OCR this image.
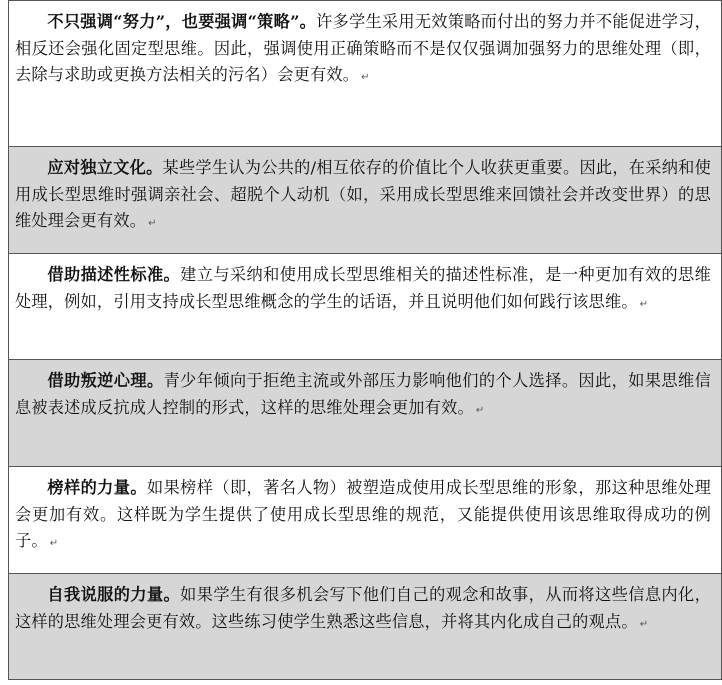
不只强调“努力”，也要强调“策略”。许多学生采用无效策略而付出的努力并不能促进学习，相反还会强化固定型思维。因此，强调使用正确策略而不是仅仅强调加强努力的思维处理（即，去除与求助或更换方法相关的污名）会更有效。 ↵

应对独立文化。某些学生认为公共的/相互依存的价值比个人收获更重要。因此，在采纳和使用成长型思维时强调亲社会、超脱个人动机（如，采用成长型思维来回馈社会并改变世界）的思维处理会更有效。 ↵

借助描述性标准。建立与采纳和使用成长型思维相关的描述性标准，是一种更加有效的思维处理，例如，引用支持成长型思维概念的学生的话语，并且说明他们如何践行该思维。 ↵

借助叛逆心理。青少年倾向于拒绝主流或外部压力影响他们的个人选择。因此，如果思维信息被表述成反抗成人控制的形式，这样的思维处理会更加有效。 ↵

榜样的力量。如果榜样（即，著名人物）被塑造成使用成长型思维的形象，那这种思维处理会更加有效。这样既为学生提供了使用成长型思维的规范，又能提供使用该思维取得成功的例子。 ↵

自我说服的力量。如果学生有很多机会写下他们自己的观念和故事，从而将这些信息内化，这样的思维处理会更有效。这些练习使学生熟悉这些信息，并将其内化成自己的观点。 ↵
